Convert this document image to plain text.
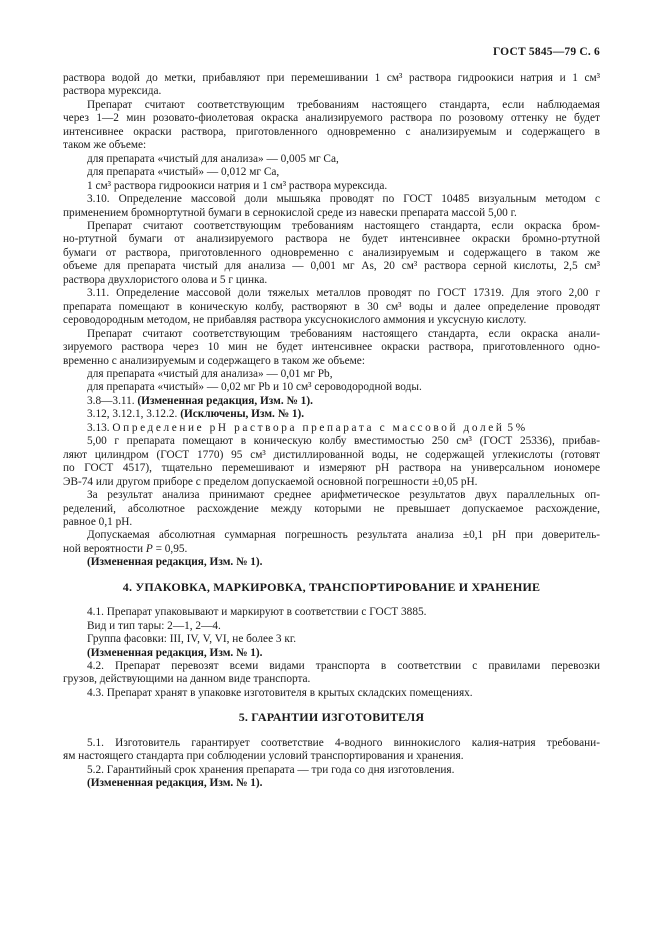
ГОСТ 5845—79 С. 6
раствора водой до метки, прибавляют при перемешивании 1 см³ раствора гидроокиси натрия и 1 см³
раствора мурексида.
Препарат считают соответствующим требованиям настоящего стандарта, если наблюдаемая
через 1—2 мин розовато-фиолетовая окраска анализируемого раствора по розовому оттенку не будет
интенсивнее окраски раствора, приготовленного одновременно с анализируемым и содержащего в
таком же объеме:
для препарата «чистый для анализа» — 0,005 мг Са,
для препарата «чистый» — 0,012 мг Са,
1 см³ раствора гидроокиси натрия и 1 см³ раствора мурексида.
3.10. Определение массовой доли мышьяка проводят по ГОСТ 10485 визуальным методом с
применением бромнортутной бумаги в сернокислой среде из навески препарата массой 5,00 г.
Препарат считают соответствующим требованиям настоящего стандарта, если окраска бром-
но-ртутной бумаги от анализируемого раствора не будет интенсивнее окраски бромно-ртутной
бумаги от раствора, приготовленного одновременно с анализируемым и содержащего в таком же
объеме для препарата чистый для анализа — 0,001 мг As, 20 см³ раствора серной кислоты, 2,5 см³
раствора двухлористого олова и 5 г цинка.
3.11. Определение массовой доли тяжелых металлов проводят по ГОСТ 17319. Для этого 2,00 г
препарата помещают в коническую колбу, растворяют в 30 см³ воды и далее определение проводят
сероводородным методом, не прибавляя раствора уксуснокислого аммония и уксусную кислоту.
Препарат считают соответствующим требованиям настоящего стандарта, если окраска анали-
зируемого раствора через 10 мин не будет интенсивнее окраски раствора, приготовленного одно-
временно с анализируемым и содержащего в таком же объеме:
для препарата «чистый для анализа» — 0,01 мг Pb,
для препарата «чистый» — 0,02 мг Pb и 10 см³ сероводородной воды.
3.8—3.11. (Измененная редакция, Изм. № 1).
3.12, 3.12.1, 3.12.2. (Исключены, Изм. № 1).
3.13. Определение pH раствора препарата с массовой долей 5 %
5,00 г препарата помещают в коническую колбу вместимостью 250 см³ (ГОСТ 25336), прибав-
ляют цилиндром (ГОСТ 1770) 95 см³ дистиллированной воды, не содержащей углекислоты (готовят
по ГОСТ 4517), тщательно перемешивают и измеряют pH раствора на универсальном иономере
ЭВ-74 или другом приборе с пределом допускаемой основной погрешности ±0,05 pH.
За результат анализа принимают среднее арифметическое результатов двух параллельных оп-
ределений, абсолютное расхождение между которыми не превышает допускаемое расхождение,
равное 0,1 pH.
Допускаемая абсолютная суммарная погрешность результата анализа ±0,1 pH при доверитель-
ной вероятности P = 0,95.
(Измененная редакция, Изм. № 1).
4. УПАКОВКА, МАРКИРОВКА, ТРАНСПОРТИРОВАНИЕ И ХРАНЕНИЕ
4.1. Препарат упаковывают и маркируют в соответствии с ГОСТ 3885.
Вид и тип тары: 2—1, 2—4.
Группа фасовки: III, IV, V, VI, не более 3 кг.
(Измененная редакция, Изм. № 1).
4.2. Препарат перевозят всеми видами транспорта в соответствии с правилами перевозки
грузов, действующими на данном виде транспорта.
4.3. Препарат хранят в упаковке изготовителя в крытых складских помещениях.
5. ГАРАНТИИ ИЗГОТОВИТЕЛЯ
5.1. Изготовитель гарантирует соответствие 4-водного виннокислого калия-натрия требовани-
ям настоящего стандарта при соблюдении условий транспортирования и хранения.
5.2. Гарантийный срок хранения препарата — три года со дня изготовления.
(Измененная редакция, Изм. № 1).
